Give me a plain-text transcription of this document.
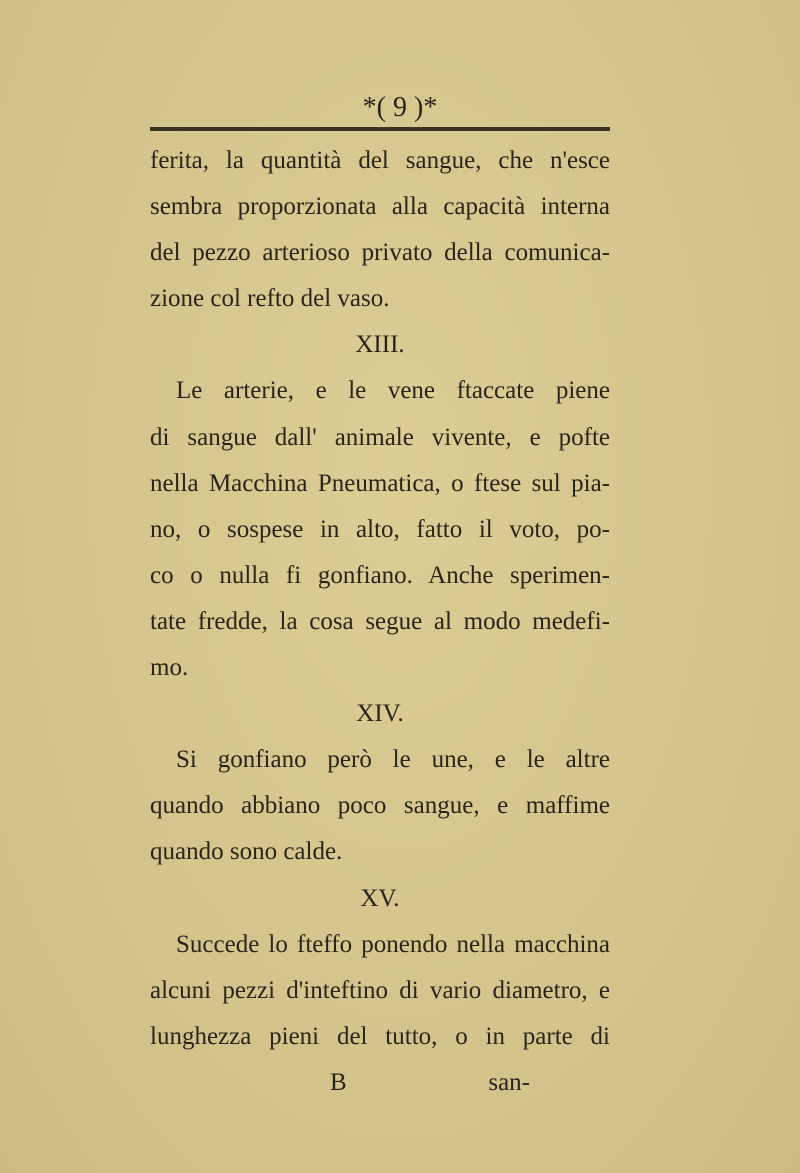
*( 9 )*
ferita, la quantità del sangue, che n'esce
sembra proporzionata alla capacità interna
del pezzo arterioso privato della comunica-
zione col refto del vaso.
XIII.
Le arterie, e le vene ftaccate piene
di sangue dall' animale vivente, e pofte
nella Macchina Pneumatica, o ftese sul pia-
no, o sospese in alto, fatto il voto, po-
co o nulla fi gonfiano. Anche sperimen-
tate fredde, la cosa segue al modo medefi-
mo.
XIV.
Si gonfiano però le une, e le altre
quando abbiano poco sangue, e maffime
quando sono calde.
XV.
Succede lo fteffo ponendo nella macchina
alcuni pezzi d'inteftino di vario diametro, e
lunghezza pieni del tutto, o in parte di
B	san-
